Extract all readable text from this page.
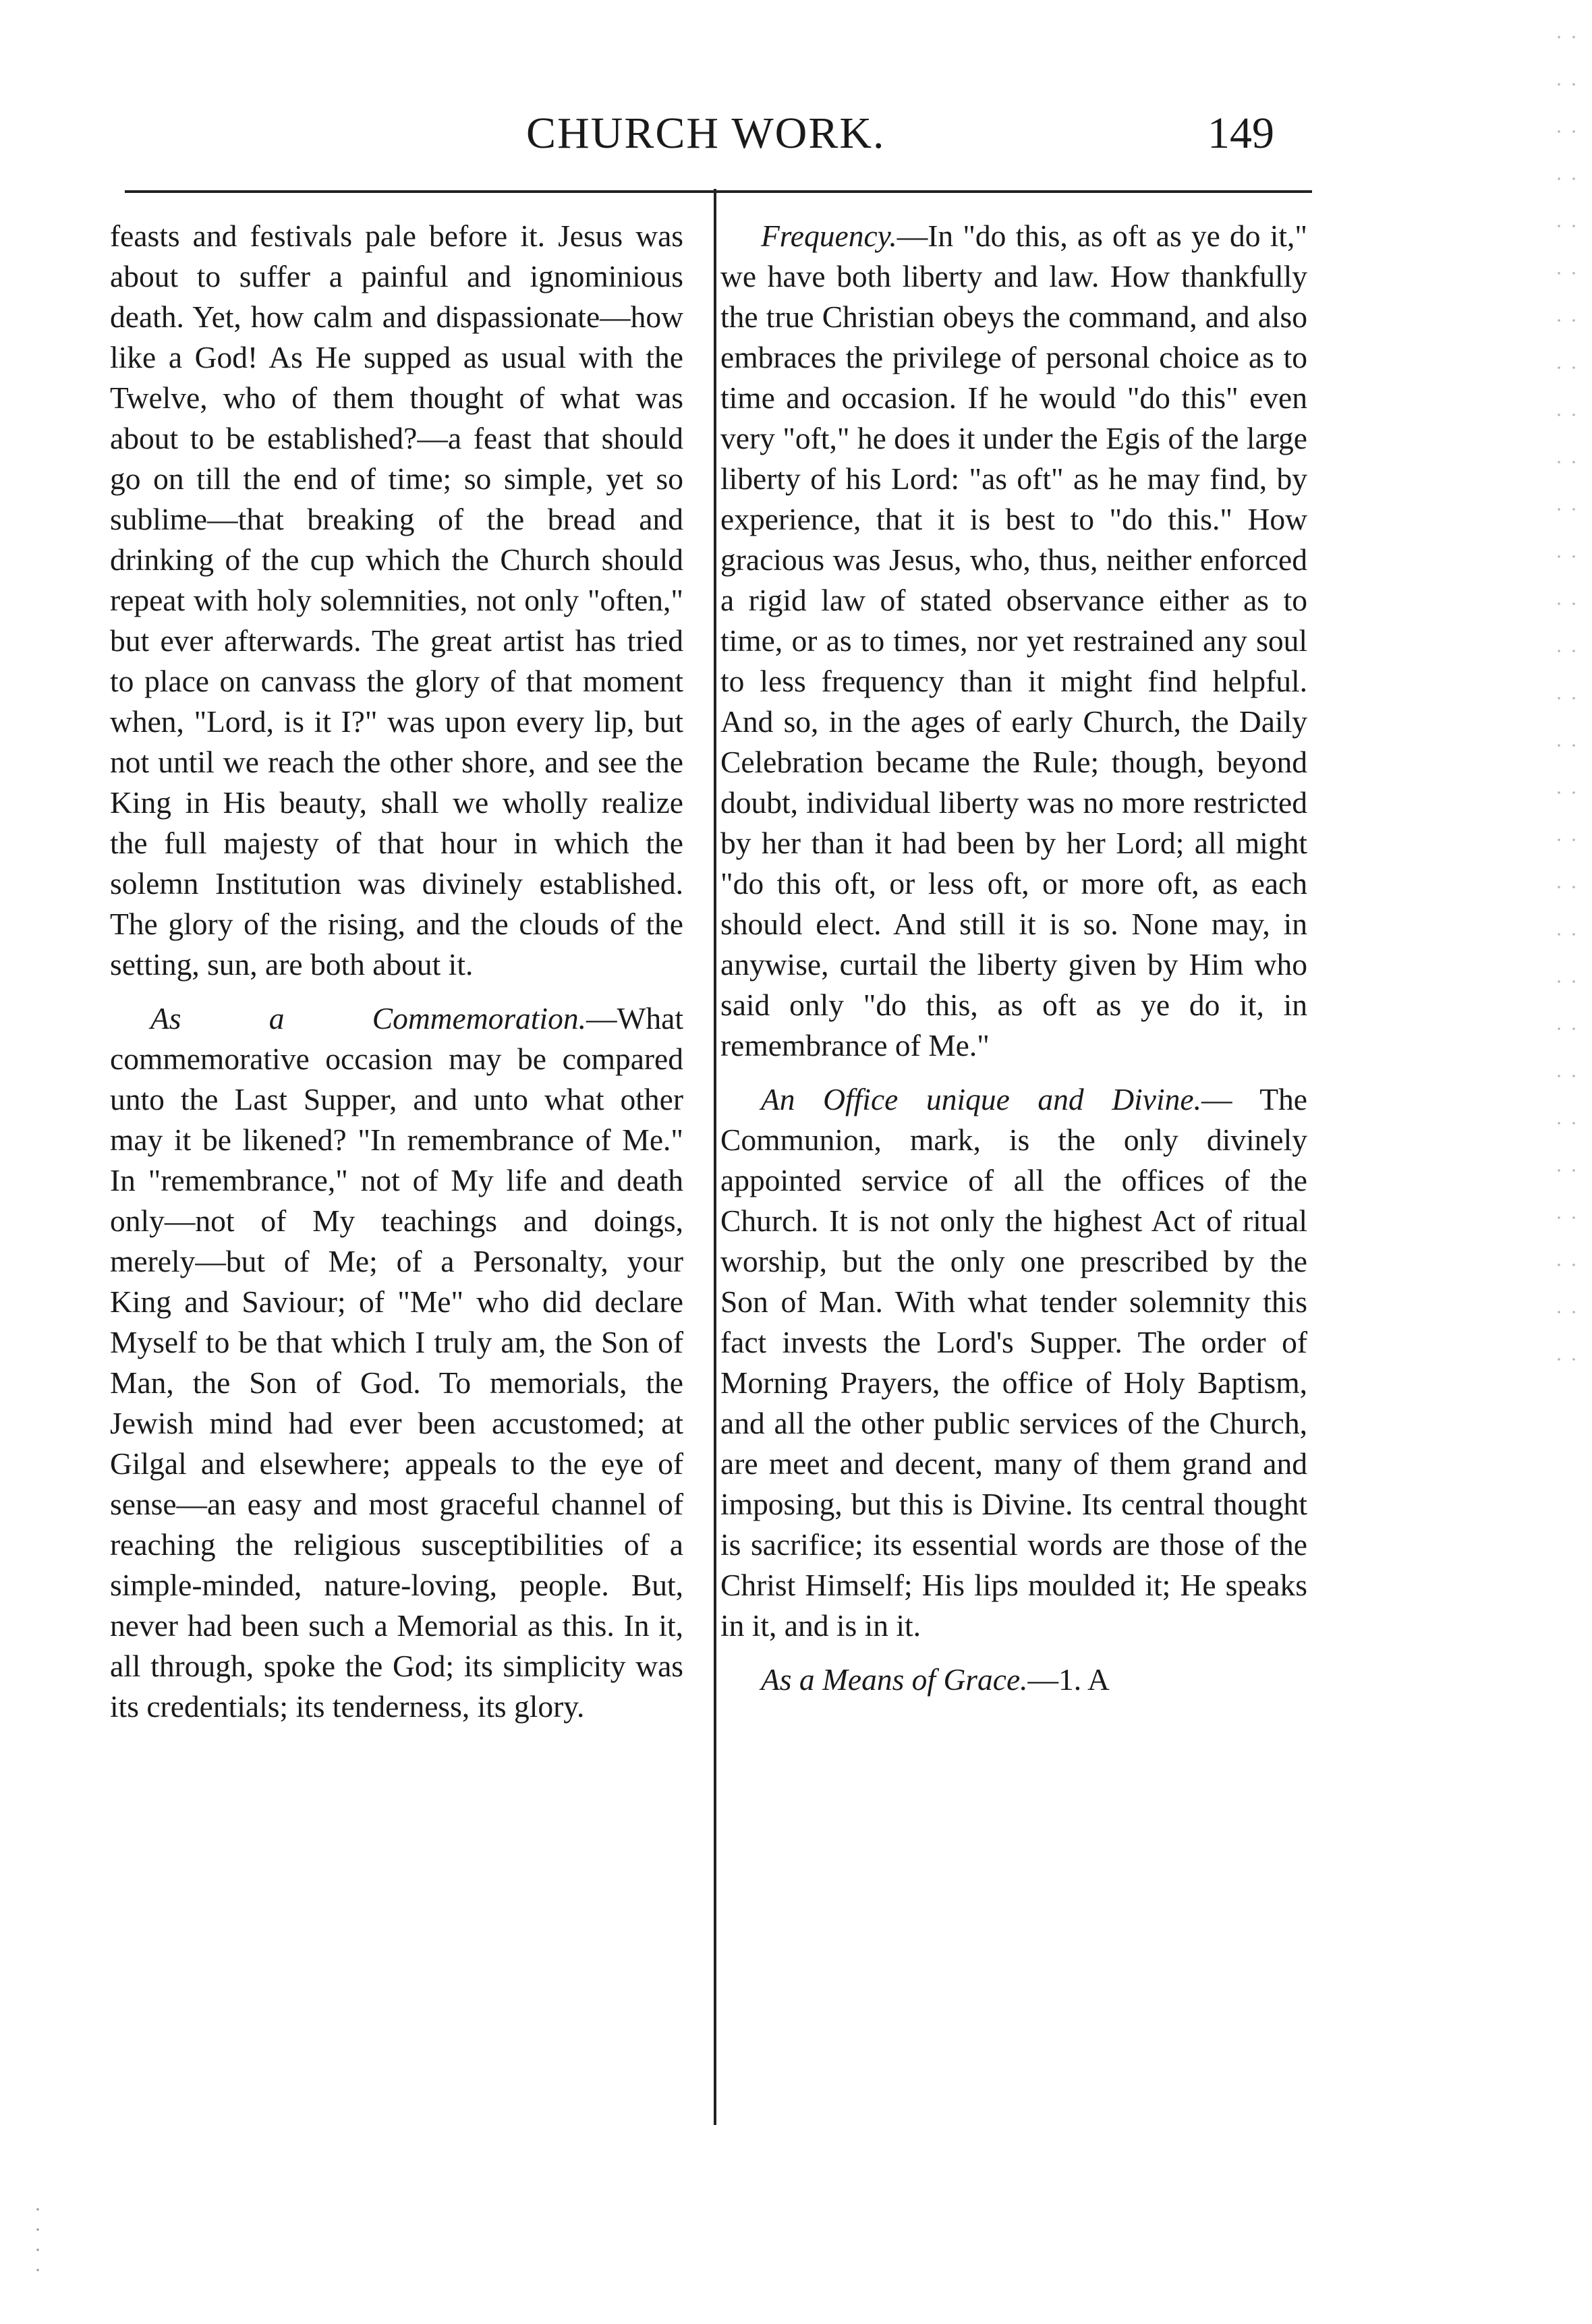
CHURCH WORK.	149

feasts and festivals pale before it. Jesus was about to suffer a painful and ignominious death. Yet, how calm and dispassionate—how like a God! As He supped as usual with the Twelve, who of them thought of what was about to be established?—a feast that should go on till the end of time; so simple, yet so sublime—that breaking of the bread and drinking of the cup which the Church should repeat with holy solemnities, not only "often," but ever afterwards. The great artist has tried to place on canvass the glory of that moment when, "Lord, is it I?" was upon every lip, but not until we reach the other shore, and see the King in His beauty, shall we wholly realize the full majesty of that hour in which the solemn Institution was divinely established. The glory of the rising, and the clouds of the setting, sun, are both about it.

As a Commemoration.—What commemorative occasion may be compared unto the Last Supper, and unto what other may it be likened? "In remembrance of Me." In "remembrance," not of My life and death only—not of My teachings and doings, merely—but of Me; of a Personalty, your King and Saviour; of "Me" who did declare Myself to be that which I truly am, the Son of Man, the Son of God. To memorials, the Jewish mind had ever been accustomed; at Gilgal and elsewhere; appeals to the eye of sense—an easy and most graceful channel of reaching the religious susceptibilities of a simple-minded, nature-loving, people. But, never had been such a Memorial as this. In it, all through, spoke the God; its simplicity was its credentials; its tenderness, its glory.

Frequency.—In "do this, as oft as ye do it," we have both liberty and law. How thankfully the true Christian obeys the command, and also embraces the privilege of personal choice as to time and occasion. If he would "do this" even very "oft," he does it under the Egis of the large liberty of his Lord: "as oft" as he may find, by experience, that it is best to "do this." How gracious was Jesus, who, thus, neither enforced a rigid law of stated observance either as to time, or as to times, nor yet restrained any soul to less frequency than it might find helpful. And so, in the ages of early Church, the Daily Celebration became the Rule; though, beyond doubt, individual liberty was no more restricted by her than it had been by her Lord; all might "do this oft, or less oft, or more oft, as each should elect. And still it is so. None may, in anywise, curtail the liberty given by Him who said only "do this, as oft as ye do it, in remembrance of Me."

An Office unique and Divine.— The Communion, mark, is the only divinely appointed service of all the offices of the Church. It is not only the highest Act of ritual worship, but the only one prescribed by the Son of Man. With what tender solemnity this fact invests the Lord's Supper. The order of Morning Prayers, the office of Holy Baptism, and all the other public services of the Church, are meet and decent, many of them grand and imposing, but this is Divine. Its central thought is sacrifice; its essential words are those of the Christ Himself; His lips moulded it; He speaks in it, and is in it.

As a Means of Grace.—1. A
